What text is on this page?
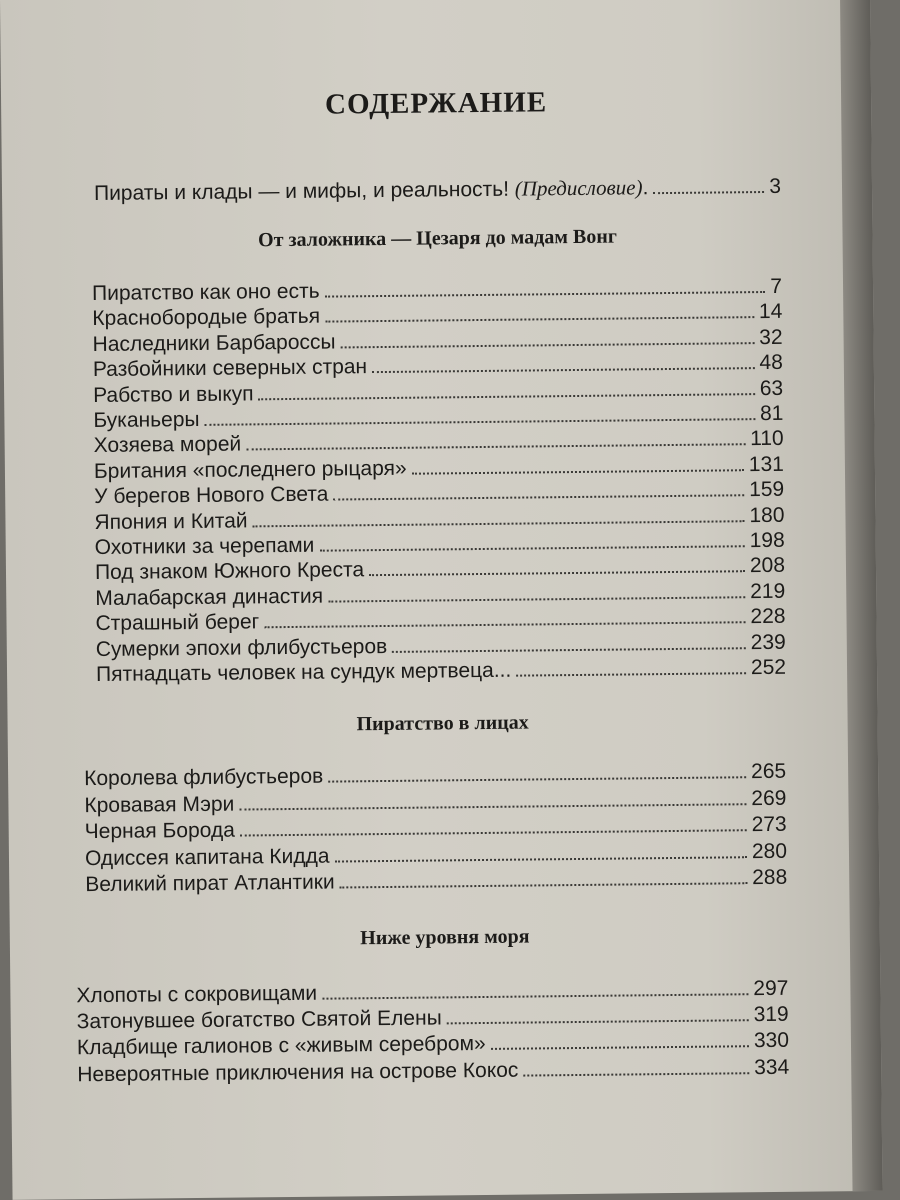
СОДЕРЖАНИЕ
Пираты и клады — и мифы, и реальность! (Предисловие).	3
От заложника — Цезаря до мадам Вонг
Пиратство как оно есть	7
Краснобородые братья	14
Наследники Барбароссы	32
Разбойники северных стран	48
Рабство и выкуп	63
Буканьеры	81
Хозяева морей	110
Британия «последнего рыцаря»	131
У берегов Нового Света	159
Япония и Китай	180
Охотники за черепами	198
Под знаком Южного Креста	208
Малабарская династия	219
Страшный берег	228
Сумерки эпохи флибустьеров	239
Пятнадцать человек на сундук мертвеца...	252
Пиратство в лицах
Королева флибустьеров	265
Кровавая Мэри	269
Черная Борода	273
Одиссея капитана Кидда	280
Великий пират Атлантики	288
Ниже уровня моря
Хлопоты с сокровищами	297
Затонувшее богатство Святой Елены	319
Кладбище галионов с «живым серебром»	330
Невероятные приключения на острове Кокос	334
